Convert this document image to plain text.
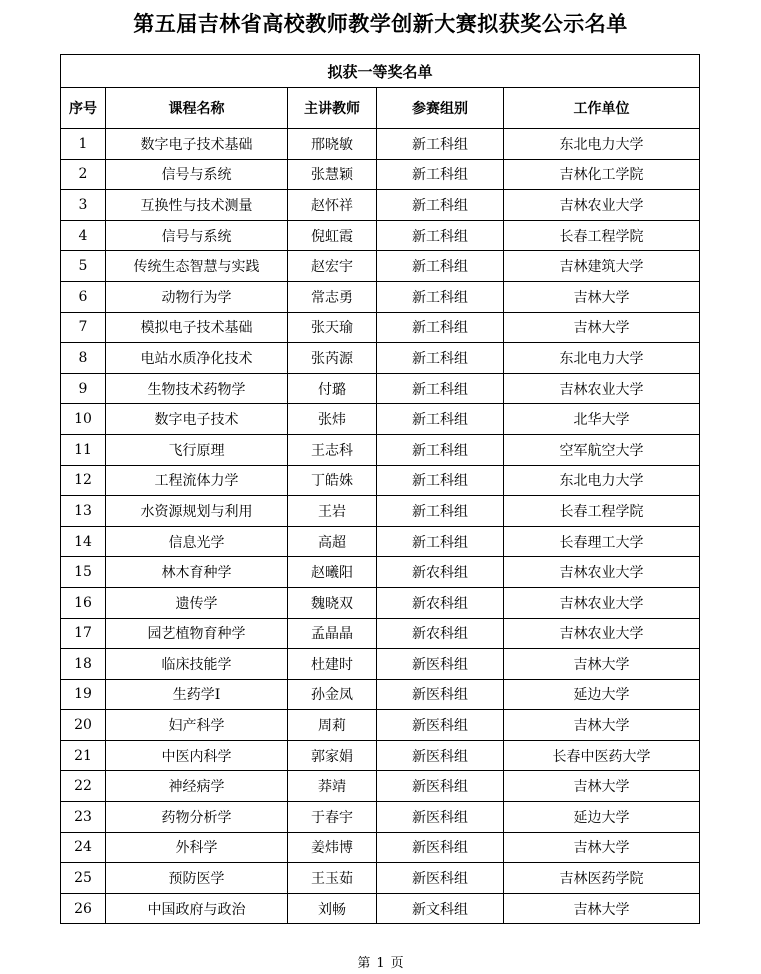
第五届吉林省高校教师教学创新大赛拟获奖公示名单
拟获一等奖名单				
序号	课程名称	主讲教师	参赛组别	工作单位
1	数字电子技术基础	邢晓敏	新工科组	东北电力大学
2	信号与系统	张慧颖	新工科组	吉林化工学院
3	互换性与技术测量	赵怀祥	新工科组	吉林农业大学
4	信号与系统	倪虹霞	新工科组	长春工程学院
5	传统生态智慧与实践	赵宏宇	新工科组	吉林建筑大学
6	动物行为学	常志勇	新工科组	吉林大学
7	模拟电子技术基础	张天瑜	新工科组	吉林大学
8	电站水质净化技术	张芮源	新工科组	东北电力大学
9	生物技术药物学	付璐	新工科组	吉林农业大学
10	数字电子技术	张炜	新工科组	北华大学
11	飞行原理	王志科	新工科组	空军航空大学
12	工程流体力学	丁皓姝	新工科组	东北电力大学
13	水资源规划与利用	王岩	新工科组	长春工程学院
14	信息光学	高超	新工科组	长春理工大学
15	林木育种学	赵曦阳	新农科组	吉林农业大学
16	遗传学	魏晓双	新农科组	吉林农业大学
17	园艺植物育种学	孟晶晶	新农科组	吉林农业大学
18	临床技能学	杜建时	新医科组	吉林大学
19	生药学I	孙金凤	新医科组	延边大学
20	妇产科学	周莉	新医科组	吉林大学
21	中医内科学	郭家娟	新医科组	长春中医药大学
22	神经病学	莽靖	新医科组	吉林大学
23	药物分析学	于春宇	新医科组	延边大学
24	外科学	姜炜博	新医科组	吉林大学
25	预防医学	王玉茹	新医科组	吉林医药学院
26	中国政府与政治	刘畅	新文科组	吉林大学
第 1 页
